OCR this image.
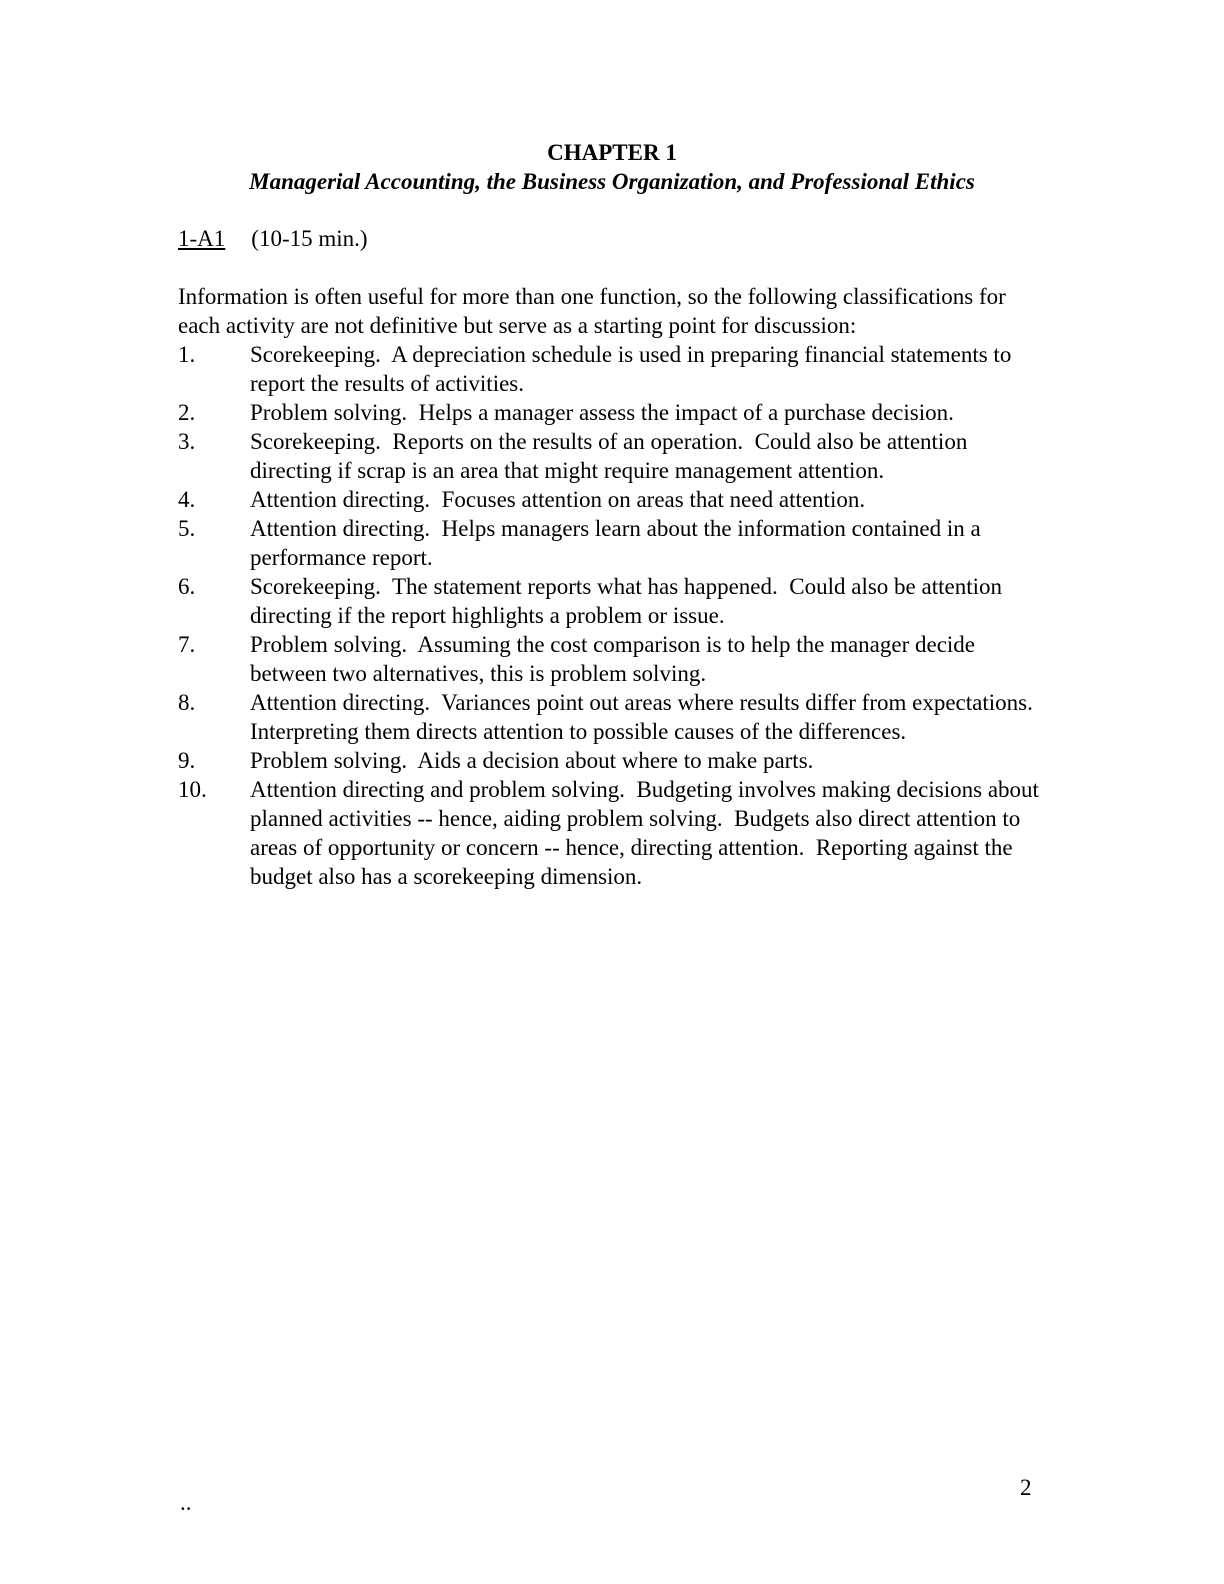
CHAPTER 1
Managerial Accounting, the Business Organization, and Professional Ethics
1-A1 (10-15 min.)

Information is often useful for more than one function, so the following classifications for each activity are not definitive but serve as a starting point for discussion:

1.	Scorekeeping.  A depreciation schedule is used in preparing financial statements to report the results of activities.
2.	Problem solving.  Helps a manager assess the impact of a purchase decision.
3.	Scorekeeping.  Reports on the results of an operation.  Could also be attention directing if scrap is an area that might require management attention.
4.	Attention directing.  Focuses attention on areas that need attention.
5.	Attention directing.  Helps managers learn about the information contained in a performance report.
6.	Scorekeeping.  The statement reports what has happened.  Could also be attention directing if the report highlights a problem or issue.
7.	Problem solving.  Assuming the cost comparison is to help the manager decide between two alternatives, this is problem solving.
8.	Attention directing.  Variances point out areas where results differ from expectations.  Interpreting them directs attention to possible causes of the differences.
9.	Problem solving.  Aids a decision about where to make parts.
10.	Attention directing and problem solving.  Budgeting involves making decisions about planned activities -- hence, aiding problem solving.  Budgets also direct attention to areas of opportunity or concern -- hence, directing attention.  Reporting against the budget also has a scorekeeping dimension.
..
2
